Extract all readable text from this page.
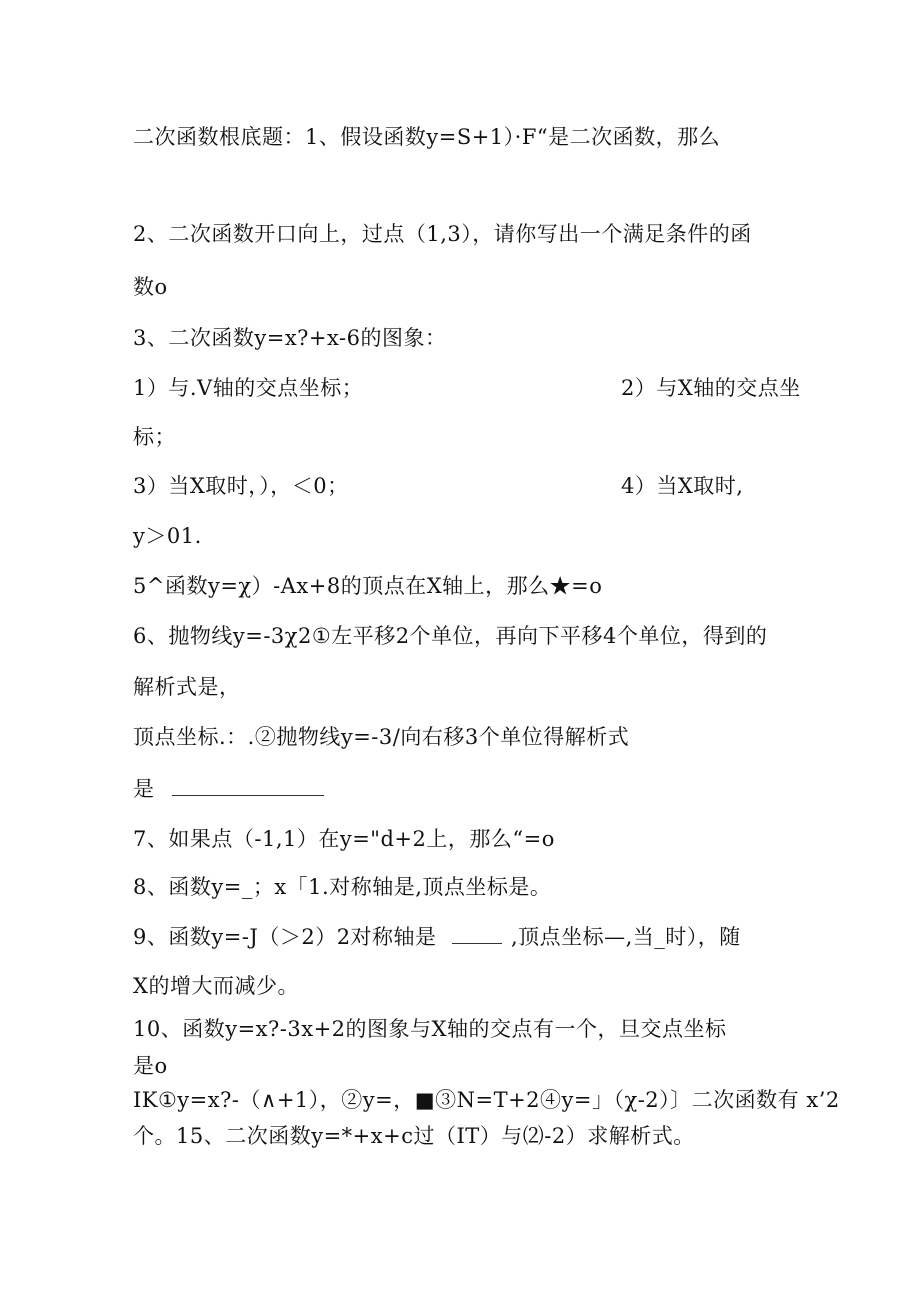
二次函数根底题：1、假设函数y=S+1）·F“是二次函数，那么
2、二次函数开口向上，过点（1,3），请你写出一个满足条件的函
数o
3、二次函数y=x?+x-6的图象：
1）与.V轴的交点坐标；	2）与X轴的交点坐
标；
3）当X取时，），＜0；	4）当X取时,
y＞01.
5^函数y=χ）-Ax+8的顶点在X轴上，那么★=o
6、抛物线y=-3χ2①左平移2个单位，再向下平移4个单位，得到的
解析式是，
顶点坐标.：.②抛物线y=-3/向右移3个单位得解析式
是
7、如果点（-1,1）在y="d+2上，那么“=o
8、函数y=_；x「1.对称轴是,顶点坐标是。
9、函数y=-J（＞2）2对称轴是	,顶点坐标—,当_时），随
X的增大而减少。
10、函数y=x?-3x+2的图象与X轴的交点有一个，旦交点坐标
是o
IK①y=x?-（∧+1），②y=，■③N=T+2④y=」（χ-2）〕二次函数有 x’2
个。15、二次函数y=*+x+c过（IT）与⑵-2）求解析式。
